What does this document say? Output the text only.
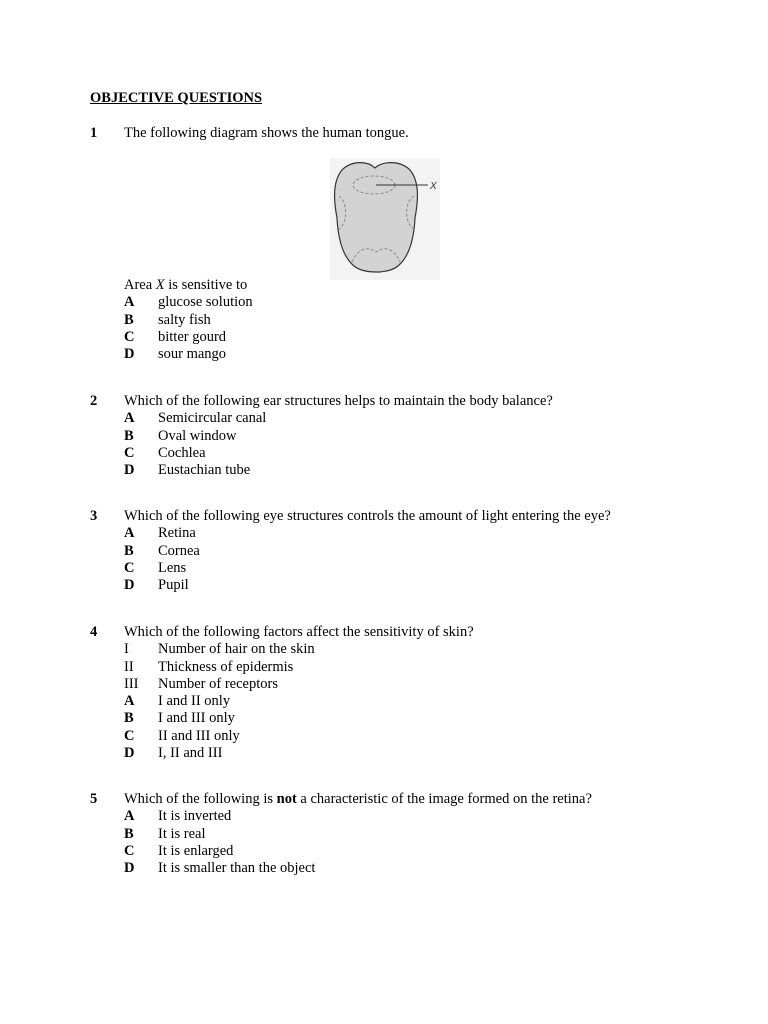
OBJECTIVE QUESTIONS
1	The following diagram shows the human tongue.
X
Area X is sensitive to
A	glucose solution
B	salty fish
C	bitter gourd
D	sour mango
2	Which of the following ear structures helps to maintain the body balance?
A	Semicircular canal
B	Oval window
C	Cochlea
D	Eustachian tube
3	Which of the following eye structures controls the amount of light entering the eye?
A	Retina
B	Cornea
C	Lens
D	Pupil
4	Which of the following factors affect the sensitivity of skin?
I	Number of hair on the skin
II	Thickness of epidermis
III	Number of receptors
A	I and II only
B	I and III only
C	II and III only
D	I, II and III
5	Which of the following is not a characteristic of the image formed on the retina?
A	It is inverted
B	It is real
C	It is enlarged
D	It is smaller than the object
